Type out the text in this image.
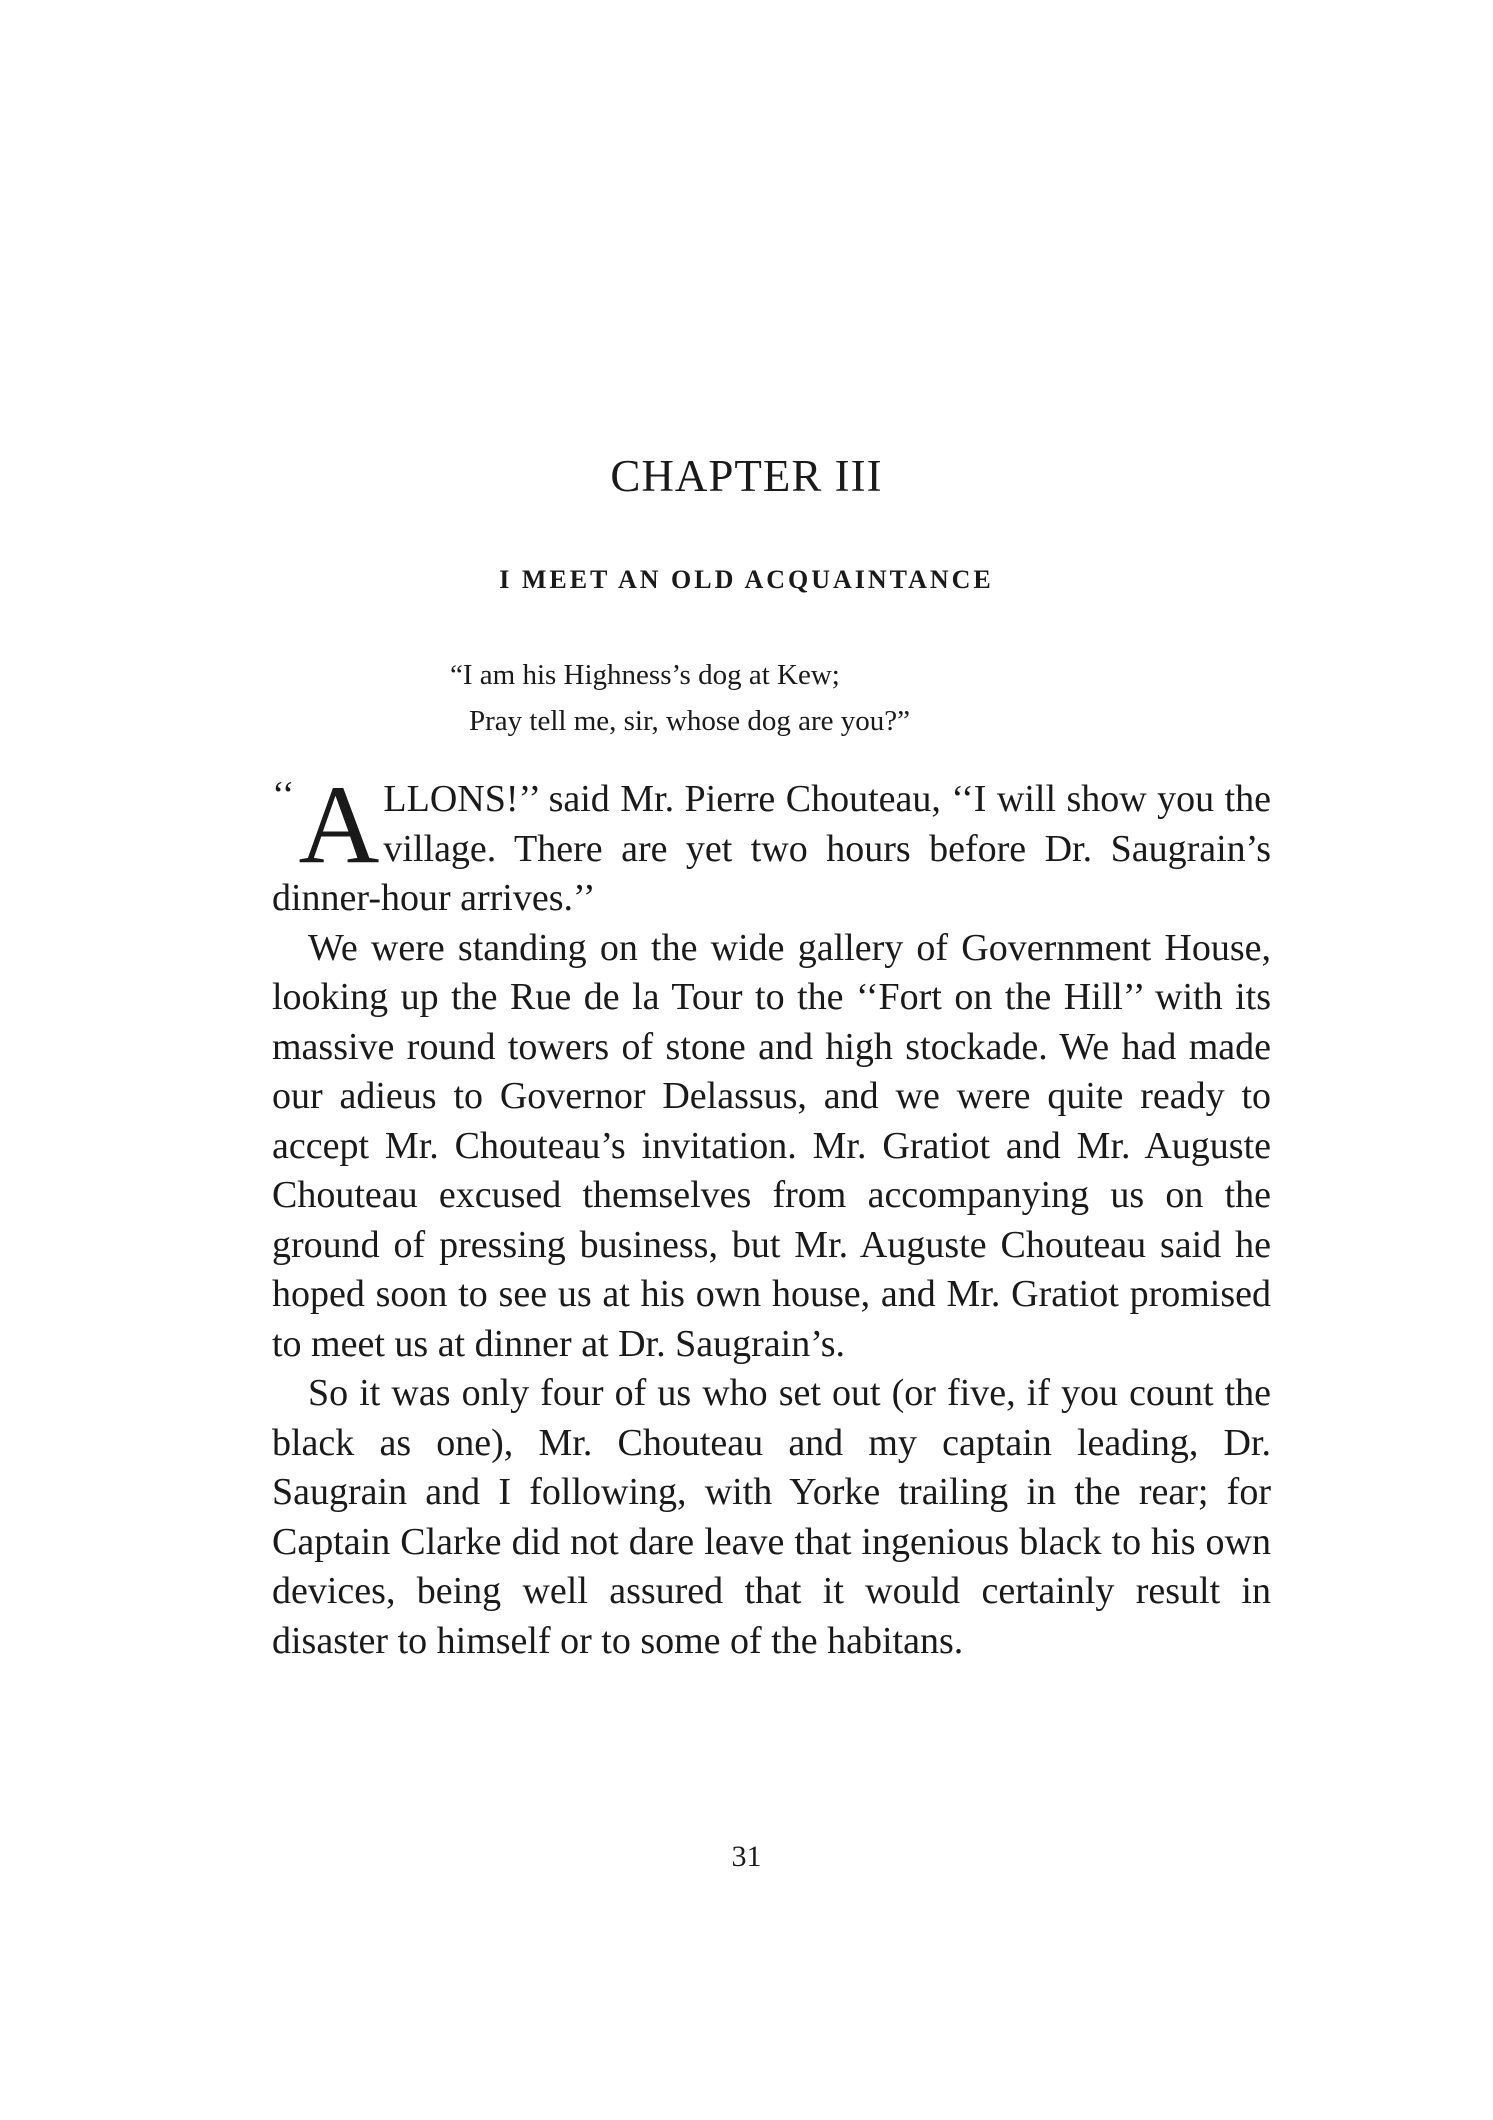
CHAPTER III
I MEET AN OLD ACQUAINTANCE
“I am his Highness’s dog at Kew;
Pray tell me, sir, whose dog are you?”

‘‘ A LLONS!’’ said Mr. Pierre Chouteau, ‘‘I will show you the village. There are yet two hours before Dr. Saugrain’s dinner-hour arrives.’’

We were standing on the wide gallery of Government House, looking up the Rue de la Tour to the ‘‘Fort on the Hill’’ with its massive round towers of stone and high stockade. We had made our adieus to Governor Delassus, and we were quite ready to accept Mr. Chouteau’s invitation. Mr. Gratiot and Mr. Auguste Chouteau excused themselves from accompanying us on the ground of pressing business, but Mr. Auguste Chouteau said he hoped soon to see us at his own house, and Mr. Gratiot promised to meet us at dinner at Dr. Saugrain’s.

So it was only four of us who set out (or five, if you count the black as one), Mr. Chouteau and my captain leading, Dr. Saugrain and I following, with Yorke trailing in the rear; for Captain Clarke did not dare leave that ingenious black to his own devices, being well assured that it would certainly result in disaster to himself or to some of the habitans.

31
